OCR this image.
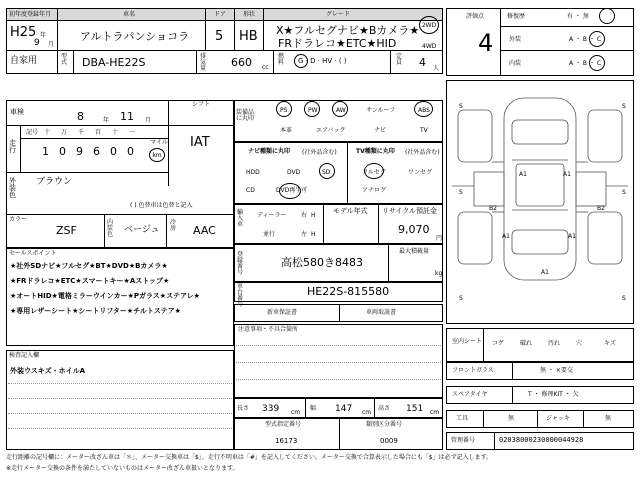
初年度登録年月	車名	ドア	形状	グレード
H25 年
9 月
アルトラパンショコラ 5 HB X★フルセグナビ★Bカメラ★
FRドラレコ★ETC★HID
2WD
4WD
自家用	型式 DBA-HE22S	排気量 660 cc
燃料 G · D · HV · ( )
定員 4 人
車検	8	年 11 月
シフト
IAT
走行
記号 十 万 千 百 十 一
1 0 9 6 0 0
マイル
km
外装色
ブラウン
( ) 色替車は色替と記入
カラー
ZSF
内装色 ベージュ
冷房 AAC
セールスポイント
★社外SDナビ★フルセグ★BT★DVD★Bカメラ★
★FRドラレコ★ETC★スマートキー★Aストップ★
★オートHID★電格ミラーウインカー★Pガラス★ステアレ★
★専用レザーシート★シートリフター★チルトステア★
検査記入欄
外装ウスキズ・ホイルA
装備品に丸印
PS	PW	AW	サンルーフ	ABS
本革	エアバック	ナビ	TV
ナビ種類に丸印 (社外品含む)	TV種類に丸印 (社外品含む)
HDD	DVD	SD
CD	DVD再生可
フルセグ	ワンセグ
アナログ
輸入車
ディーラー
並行
右 H
左 H
モデル年式 リサイクル預託金
9,070
円
登録番号
高松580き8483
最大積載量
kg
車台番号
HE22S-815580
新車保証書	車両取説書
注意事項・不具合箇所
長さ 339 cm
幅 147 cm
高さ 151 cm
型式指定番号
16173
類別区分番号
0009
評価点
4
修復歴	有 ・ 無
外装	A ・ B ・ C
内装	A ・ B ・ C
S	S
S	S
S	S
A1	A1
B2	B2
A1
A1
A1
室内シート コゲ	破れ	汚れ	穴	キズ
フロントガラス	無 ・ ×要交
スペアタイヤ	T ・ 修理KIT ・ 欠
工具	無	ジャッキ	無
管理番号	02038000230000044928
走行距離の記号欄に：メーター改ざん車は「＊」、メーター交換車は「$」、走行不明車は「#」を記入してください。メーター交換で合算表示した場合にも「$」は必ず記入します。
※走行メーター交換の条件を満たしていないものはメーター改ざん車扱いとなります。
